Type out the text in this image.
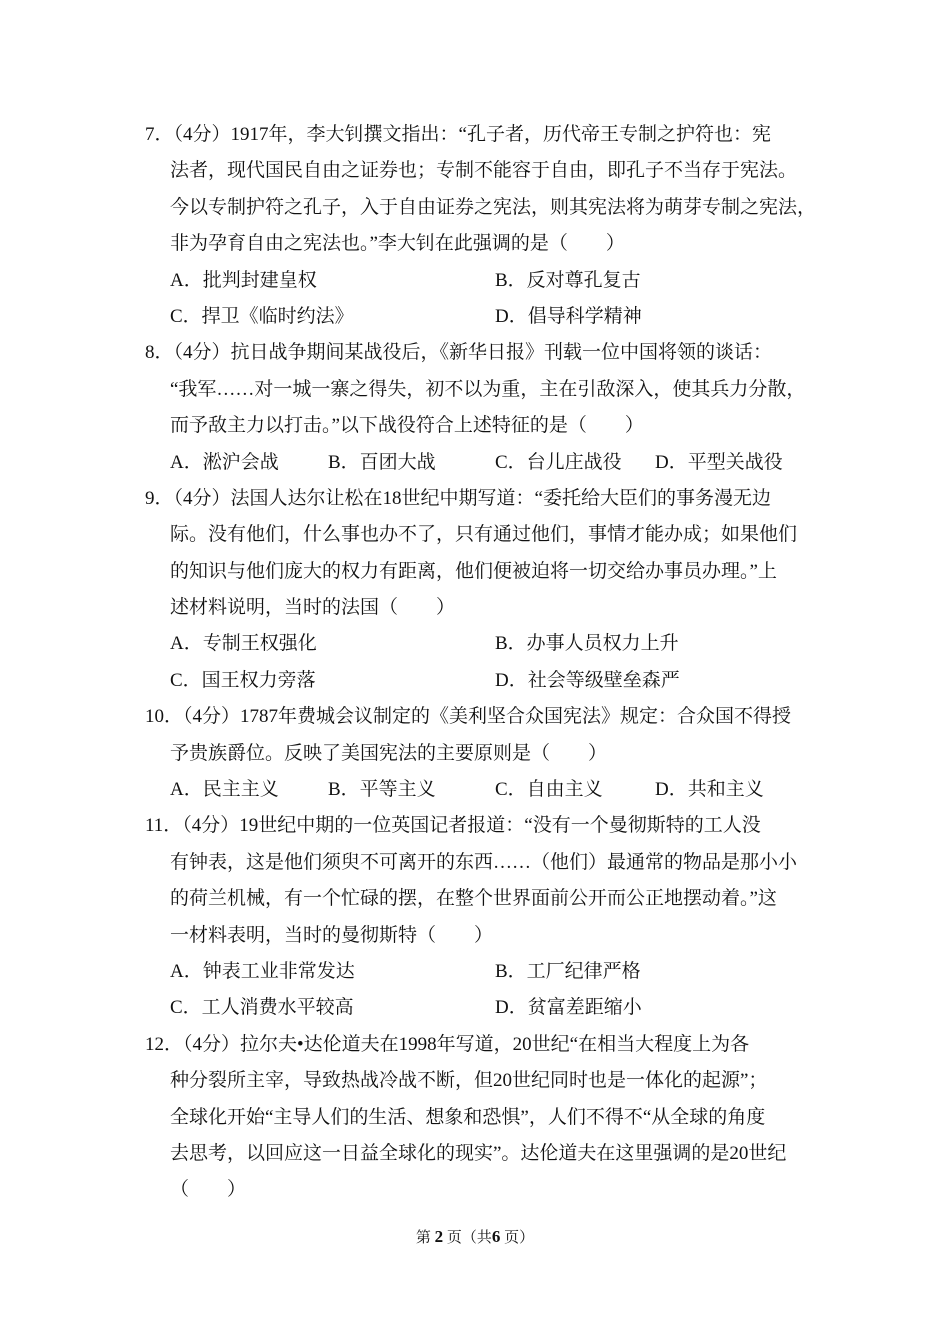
7．（4分）1917年，李大钊撰文指出：“孔子者，历代帝王专制之护符也：宪
法者，现代国民自由之证券也；专制不能容于自由，即孔子不当存于宪法。
今以专制护符之孔子，入于自由证券之宪法，则其宪法将为萌芽专制之宪法，
非为孕育自由之宪法也。”李大钊在此强调的是（　　）
A．批判封建皇权	B．反对尊孔复古
C．捍卫《临时约法》	D．倡导科学精神
8．（4分）抗日战争期间某战役后，《新华日报》刊载一位中国将领的谈话：
“我军……对一城一寨之得失，初不以为重，主在引敌深入，使其兵力分散，
而予敌主力以打击。”以下战役符合上述特征的是（　　）
A．淞沪会战	B．百团大战	C．台儿庄战役 D．平型关战役
9．（4分）法国人达尔让松在18世纪中期写道：“委托给大臣们的事务漫无边
际。没有他们，什么事也办不了，只有通过他们，事情才能办成；如果他们
的知识与他们庞大的权力有距离，他们便被迫将一切交给办事员办理。”上
述材料说明，当时的法国（　　）
A．专制王权强化	B．办事人员权力上升
C．国王权力旁落	D．社会等级壁垒森严
10．（4分）1787年费城会议制定的《美利坚合众国宪法》规定：合众国不得授
予贵族爵位。反映了美国宪法的主要原则是（　　）
A．民主主义	B．平等主义	C．自由主义	D．共和主义
11．（4分）19世纪中期的一位英国记者报道：“没有一个曼彻斯特的工人没
有钟表，这是他们须臾不可离开的东西……（他们）最通常的物品是那小小
的荷兰机械，有一个忙碌的摆，在整个世界面前公开而公正地摆动着。”这
一材料表明，当时的曼彻斯特（　　）
A．钟表工业非常发达	B．工厂纪律严格
C．工人消费水平较高	D．贫富差距缩小
12．（4分）拉尔夫•达伦道夫在1998年写道，20世纪“在相当大程度上为各
种分裂所主宰，导致热战冷战不断，但20世纪同时也是一体化的起源”；
全球化开始“主导人们的生活、想象和恐惧”，人们不得不“从全球的角度
去思考，以回应这一日益全球化的现实”。达伦道夫在这里强调的是20世纪
（　　）
第 2 页（共6 页）
